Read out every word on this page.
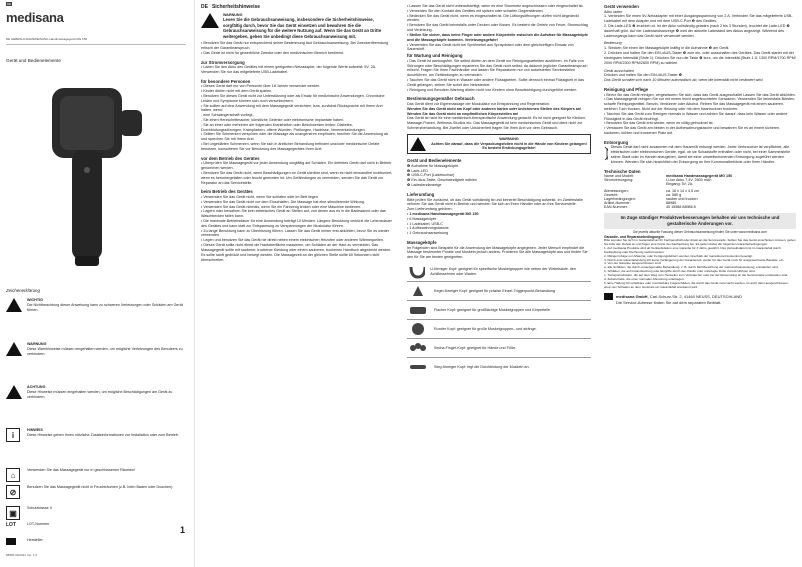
DE
medisana
DE GEBRAUCHSANWEISUNG Handmassagegerät MG 150
Gerät und Bedienelemente
Zeichenerklärung
WICHTIG
Die Nichtbeachtung dieser Anweisung kann zu schweren Verletzungen oder Schäden am Gerät führen.
WARNUNG
Diese Warnhinweise müssen eingehalten werden, um mögliche Verletzungen des Benutzers zu verhindern.
ACHTUNG
Diese Hinweise müssen eingehalten werden, um mögliche Beschädigungen am Gerät zu verhindern.
i
HINWEIS
Diese Hinweise geben Ihnen nützliche Zusatzinformationen zur Installation oder zum Betrieb.
⌂
Verwenden Sie das Massagegerät nur in geschlossenen Räumen!
⊘
Benutzen Sie das Massagegerät nicht in Feuchträumen (z.B. beim Baden oder Duschen).
▣
Schutzklasse II
LOT	LOT-Nummer
Hersteller
1
88986 06/2021 Ver. 1.0
DE Sicherheitshinweise
WARNUNG
Lesen Sie die Gebrauchsanweisung, insbesondere die Sicherheitshinweise, sorgfältig durch, bevor Sie das Gerät einsetzen und bewahren Sie die Gebrauchsanweisung für die weitere Nutzung auf. Wenn Sie das Gerät an Dritte weitergeben, geben Sie unbedingt diese Gebrauchsanweisung mit.
• Benutzen Sie das Gerät nur entsprechend seiner Bestimmung laut Gebrauchsanweisung. Bei Zweckentfremdung erlischt der Garantieanspruch.
• Das Gerät ist nicht für gewerbliche Zwecke oder den medizinischen Bereich bestimmt.
zur Stromversorgung
• Laden Sie den Akku des Gerätes mit einem geeigneten Netzadapter, der folgende Werte aufweist: 5V, 2A. Verwenden Sie nur das mitgelieferte USB-Ladekabel.
für besondere Personen
• Dieses Gerät darf nur von Personen über 18 Jahren verwendet werden.
• Kinder dürfen nicht mit dem Gerät spielen.
• Benutzen Sie dieses Gerät nicht zur Unterstützung oder als Ersatz für medizinische Anwendungen. Chronische Leiden und Symptome können sich noch verschlechtern.
• Sie sollten auf eine Anwendung mit dem Massagegerät verzichten, bzw. zunächst Rücksprache mit Ihrem Arzt halten, wenn:
- eine Schwangerschaft vorliegt,
- Sie einen Herzschrittmacher, künstliche Gelenke oder elektronische Implantate haben.
- Sie an einer oder mehreren der folgenden Krankheiten oder Beschwerden leiden: Diabetes, Durchblutungsstörungen, Krampfadern, offene Wunden, Prellungen, Hautrisse, Venenentzündungen.
• Sollten Sie Schmerzen verspüren oder die Massage als unangenehm empfinden, brechen Sie die Anwendung ab und sprechen Sie mit Ihrem Arzt.
• Bei ungeklärten Schmerzen, wenn Sie sich in ärztlicher Behandlung befinden und/oder medizinische Geräte benutzen, konsultieren Sie vor Benutzung des Massagegerätes Ihren Arzt.
vor dem Betrieb des Gerätes
• Überprüfen Sie Massagegerät vor jeder Anwendung sorgfältig auf Schäden. Ein defektes Gerät darf nicht in Betrieb genommen werden.
• Benutzen Sie das Gerät nicht, wenn Beschädigungen an Gerät sichtbar sind, wenn es nicht einwandfrei funktioniert, wenn es heruntergefallen oder feucht geworden ist. Um Gefährdungen zu vermeiden, senden Sie das Gerät zur Reparatur an das Servicestelle.
beim Betrieb des Gerätes
• Verwenden Sie das Gerät nicht, wenn Sie schlafen oder im Bett liegen.
• Verwenden Sie das Gerät nicht vor dem Einschlafen. Die Massage hat eine stimulierende Wirkung.
• Verwenden Sie das Gerät niemals, wenn Sie ein Fahrzeug lenken oder eine Maschine bedienen.
• Lagern oder bewahren Sie kein elektrisches Gerät an Stellen auf, von denen aus es in die Badewanne oder das Waschbecken fallen kann.
• Die maximale Betriebsdauer für eine Anwendung beträgt 10 Minuten. Längere Benutzung verkürzt die Lebensdauer des Gerätes und kann statt zur Entspannung zu Verspannungen der Muskulatur führen.
• Zu lange Benutzung kann zu Überhitzung führen. Lassen Sie das Gerät immer erst abkühlen, bevor Sie es wieder verwenden.
• Legen und benutzen Sie das Gerät nie direkt neben einem elektrischen Heizofen oder anderen Wärmequellen.
• Dieses Gerät sollte nicht direkt die Hautoberfläche massieren, um Schäden an der Haut zu vermeiden. Das Massagegerät sollte mit sauberer, trockener Kleidung oder einem sauberen, trockenen Handtuch abgedeckt werden. Es sollte sanft gedrückt und bewegt werden. Die Massagezeit an der gleichen Stelle sollte 60 Sekunden nicht überschreiten.
• Lassen Sie das Gerät nicht unbeaufsichtigt, wenn es eine Stromnetz angeschlossen oder eingeschaltet ist.
• Vermeiden Sie den Kontakt des Gerätes mit spitzen oder scharfen Gegenständen.
• Bedecken Sie das Gerät nicht, wenn es eingeschaltet ist. Die Lüftungsöffnungen dürfen nicht abgedeckt werden.
• Benutzen Sie das Gerät keinesfalls unter Decken oder Kissen. Es besteht die Gefahr von Feuer, Stromschlag und Verletzung.
• Stellen Sie sicher, dass keine Finger oder andere Körperteile zwischen die Aufsätze für Massageköpfe und die Massageköpfe kommen. Verletzungsgefahr!
• Verwenden Sie das Gerät nicht bei Sprühnebel aus Spraydosen oder dem gleichzeitigen Einsatz von Sauerstoff.
für Wartung und Reinigung
• Das Gerät ist wartungsfrei. Sie selbst dürfen an dem Gerät nur Reinigungsarbeiten ausführen. Im Falle von Störungen oder Beschädigungen reparieren Sie das Gerät nicht selbst, da dadurch jeglicher Garantieanspruch erlischt. Fragen Sie Ihren Fachhändler und lassen Sie Reparaturen nur von autorisierten Servicestellen durchführen, um Gefährdungen zu vermeiden.
• Tauchen Sie das Gerät nicht in Wasser oder andere Flüssigkeiten. Sollte dennoch einmal Flüssigkeit in das Gerät gelangen, ziehen Sie sofort den Netzstecker.
• Reinigung und Benutzer-Wartung dürfen nicht von Kindern ohne Beaufsichtigung durchgeführt werden.
Bestimmungsgemäßer Gebrauch
Das Gerät dient zur Eigenmassage der Muskulatur zur Entspannung und Regeneration.
Wenden Sie das Gerät nicht am Kopf oder anderen harten oder knöchernen Stellen des Körpers an! Wenden Sie das Gerät nicht an empfindlichen Körperstellen an!
Das Gerät ist nicht für eine medizinisch-therapeutische Anwendung gedacht. Es ist nicht geeignet für Kliniken, Massage-Praxen, Wellness-Studios etc. Das Massagegerät ist kein medizinisches Gerät und dient nicht zur Schmerzbehandlung. Bei Zweifel oder Unsicherheit fragen Sie Ihren Arzt vor dem Gebrauch.
WARNUNG
Achten Sie darauf, dass die Verpackungsfolien nicht in die Hände von Kindern gelangen! Es besteht Erstickungsgefahr!
Gerät und Bedienelemente
❶ Aufnahme für Massageköpfe
❷ Lade-LED
❸ USB-C-Port (Ladebuchse)
❹ Ein-/Aus-Taste, Geschwindigkeit wählen
❺ Ladestandanzeige
Lieferumfang
Bitte prüfen Sie zunächst, ob das Gerät vollständig ist und keinerlei Beschädigung aufweist. Im Zweifelsfalle nehmen Sie das Gerät nicht in Betrieb und wenden Sie sich an Ihren Händler oder an Ihre Servicestelle.
Zum Lieferumfang gehören:
• 1 medisana Handmassagegerät MG 150
• 6 Massageköpfe
• 1 Ladekabel, USB-C
• 1 Aufbewahrungstasche
• 1 Gebrauchsanweisung
Massageköpfe
Im Folgenden sind Beispiele für die Anwendung der Massageköpfe angegeben. Jeder Mensch empfindet die Massage bestimmter Punkte und Muskeln jedoch anders. Probieren Sie alle Massageköpfe aus und finden Sie den für Sie am besten geeigneten.
U-förmiger Kopf: geeignet für spezifische Muskelgruppen wie neben der Wirbelsäule, den Achillessehnen oder Waden.
Kegel-förmiger Kopf: geeignet für präzise Einzel-Triggerpunkt-Behandlung
Flacher Kopf: geeignet für großflächige Muskelgruppen und Körperteile
Runder Kopf: geeignet für große Muskelgruppen– und stränge.
Secha-Finger-Kopf: geeignet für Hände und Füße.
Steg-förmiger Kopf: regt die Durchblutung der Muskeln an.
Gerät verwenden
Akku laden
1. Verbinden Sie einen 5V-Netzadapter mit einer Ausgangsspannung von 2 A. Verbinden Sie das mitgelieferte USB-Ladekabel mit dem Adapter und mit dem USB-C-Port ❸ des Gerätes.
2. Die Lade-LED ❷ leuchtet rot. Ist der Akku vollständig geladen (nach 2 bis 3 Stunden), leuchtet die Lade-LED ❷ dauerhaft grün. Auf der Ladestandsanzeige ❺ wird der aktuelle Ladestand des Akkus angezeigt. Während des Ladevorgangs kann das Gerät nicht verwendet werden.
Bedienung
1. Stecken Sie einen der Massageköpfe kräftig in die Aufnahme ❶ am Gerät.
2. Drücken und halten Sie den EIN-/AUS-Taster ❹ zum ein- oder ausschalten des Gerätes. Das Gerät startet mit der niedrigsten Intensität (Stufe 1). Drücken Sie nun die Taste ❹ kurz, um die Intensität (Stufe 1-5; 1300 RPM/1700 RPM/ 2000 RPM/2300 RPM/2600 RPM) zu wählen.
Gerät ausschalten
Drücken und halten Sie den EIN-/AUS-Taster ❹
Das Gerät schaltet sich nach 10 Minuten automatisch ab, wenn die Intensität nicht verändert wird.
Reinigung und Pflege
• Bevor Sie das Gerät reinigen, vergewissern Sie sich, dass das Gerät ausgeschaltet Lassen Sie das Gerät abkühlen.
• Das Massagegerät reinigen Sie nur mit einem leicht angefeuchteten Schwamm. Verwenden Sie keinesfalls Bürsten, scharfe Reinigungsmittel, Benzin, Verdünner oder Alkohol. Reiben Sie das Massagegerät mit einem sauberen, weichen Tuch trocken. Nicht auf der Heizung oder mit dem Haartrockner trocknen.
• Tauchen Sie das Gerät zum Reinigen niemals in Wasser und achten Sie darauf, dass kein Wasser oder andere Flüssigkeit in das Gerät eindringt.
• Benutzen Sie das Gerät erst wieder, wenn es völlig getrocknet ist.
• Verstauen Sie das Gerät am besten in der Aufbewahrungstasche und bewahren Sie es an einem sicheren, sauberen, kühlen und trockenen Platz auf.
Entsorgung
Dieses Gerät darf nicht zusammen mit dem Hausmüll entsorgt werden. Jeder Verbraucher ist verpflichtet, alle elektrischen oder elektronischen Geräte, egal, ob sie Schadstoffe enthalten oder nicht, bei einer Sammelstelle seiner Stadt oder im Handel abzugeben, damit sie einer umweltschonenden Entsorgung zugeführt werden können. Wenden Sie sich hinsichtlich der Entsorgung an Ihre Kommunalbehörde oder Ihren Händler.
Technische Daten
Name und Modell:	medisana Handmassagegerät MG 150
Stromversorgung:	Li-Ion Akku 7,4V, 2600 mAh
Eingang: 5V, 2A
Abmessungen:	ca. 16 x 14 x 4,5 cm
Gewicht:	ca. 580 g
Lagerbedingungen:	sauber und trocken
Artikel-Nummer:	88986
EAN-Nummer:	40 15588 88986 8
Im Zuge ständiger Produktverbesserungen behalten wir uns technische und gestalterische Änderungen vor.
Die jeweils aktuelle Fassung dieser Gebrauchsanweisung finden Sie unter www.medisana.com
Garantie- und Reparaturbedingungen
Bitte wenden Sie sich im Garantiefall an Ihr Fachgeschäft oder direkt an die Servicestelle. Sollten Sie das Gerät einschicken müssen, geben Sie bitte den Defekt an und fügen eine Kopie der Kaufquittung bei. Es gelten dabei die folgenden Garantiebedingungen:
1. Auf medisana Produkte wird ab Verkaufsdatum eine Garantie für 3 Jahre gewährt. Das Verkaufsdatum ist im Garantiefall durch Kaufquittung oder Rechnung nachzuweisen.
2. Mängel infolge von Material- oder Fertigungsfehlern werden innerhalb der Garantiezeit kostenlos beseitigt.
3. Durch eine Garantieleistung tritt keine Verlängerung der Garantiezeit, weder für das Gerät noch für ausgewechselte Bauteile, ein.
4. Von der Garantie ausgeschlossen sind:
a. alle Schäden, die durch unsachgemäße Behandlung, z. B. durch Nichtbeachtung der Gebrauchsanweisung, entstanden sind.
b. Schäden, die auf Instandsetzung oder Eingriffe durch den Käufer oder unbefugte Dritte zurückzuführen sind.
c. Transportschäden, die auf dem Weg vom Hersteller zum Verbraucher oder bei der Einsendung an die Servicestelle entstanden sind.
d. Zubehörteile, die einer normalen Abnutzung unterliegen.
5. Eine Haftung für mittelbare oder unmittelbare Folgeschäden, die durch das Gerät verursacht werden, ist auch dann ausgeschlossen, wenn der Schaden an dem Gerät als ein Garantiefall anerkannt wird.
medisana GmbH, Carl-Schurz-Str. 2, 41460 NEUSS, DEUTSCHLAND
Die Service-Adresse finden Sie auf dem separaten Beiblatt.
